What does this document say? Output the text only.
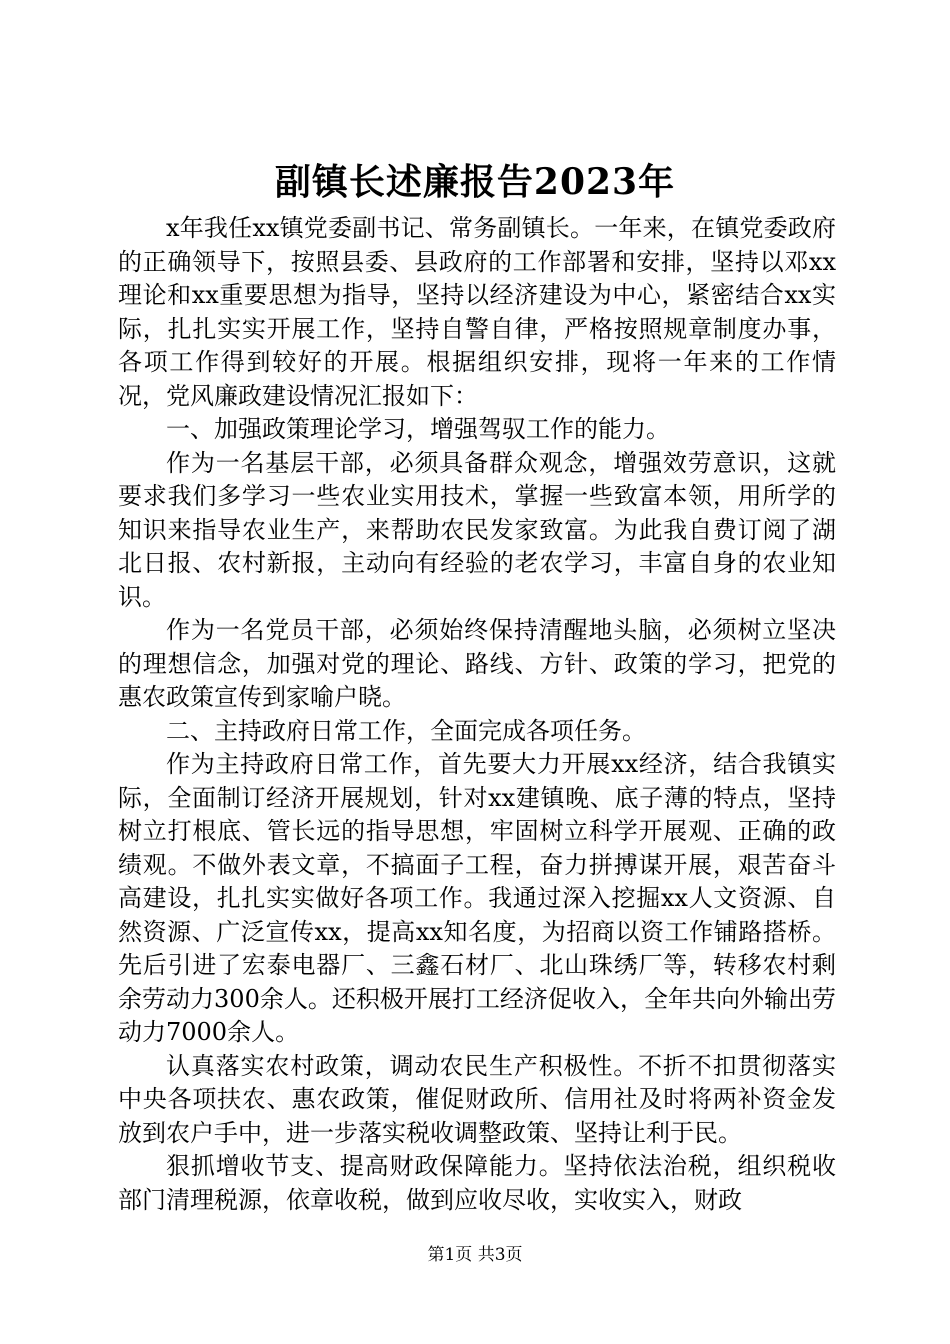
副镇长述廉报告2023年

x年我任xx镇党委副书记、常务副镇长。一年来，在镇党委政府的正确领导下，按照县委、县政府的工作部署和安排，坚持以邓xx理论和xx重要思想为指导，坚持以经济建设为中心，紧密结合xx实际，扎扎实实开展工作，坚持自警自律，严格按照规章制度办事，各项工作得到较好的开展。根据组织安排，现将一年来的工作情况，党风廉政建设情况汇报如下：

一、加强政策理论学习，增强驾驭工作的能力。

作为一名基层干部，必须具备群众观念，增强效劳意识，这就要求我们多学习一些农业实用技术，掌握一些致富本领，用所学的知识来指导农业生产，来帮助农民发家致富。为此我自费订阅了湖北日报、农村新报，主动向有经验的老农学习，丰富自身的农业知识。

作为一名党员干部，必须始终保持清醒地头脑，必须树立坚决的理想信念，加强对党的理论、路线、方针、政策的学习，把党的惠农政策宣传到家喻户晓。

二、主持政府日常工作，全面完成各项任务。

作为主持政府日常工作，首先要大力开展xx经济，结合我镇实际，全面制订经济开展规划，针对xx建镇晚、底子薄的特点，坚持树立打根底、管长远的指导思想，牢固树立科学开展观、正确的政绩观。不做外表文章，不搞面子工程，奋力拼搏谋开展，艰苦奋斗高建设，扎扎实实做好各项工作。我通过深入挖掘xx人文资源、自然资源、广泛宣传xx，提高xx知名度，为招商以资工作铺路搭桥。先后引进了宏泰电器厂、三鑫石材厂、北山珠绣厂等，转移农村剩余劳动力300余人。还积极开展打工经济促收入，全年共向外输出劳动力7000余人。

认真落实农村政策，调动农民生产积极性。不折不扣贯彻落实中央各项扶农、惠农政策，催促财政所、信用社及时将两补资金发放到农户手中，进一步落实税收调整政策、坚持让利于民。

狠抓增收节支、提高财政保障能力。坚持依法治税，组织税收部门清理税源，依章收税，做到应收尽收，实收实入，财政

第1页 共3页
